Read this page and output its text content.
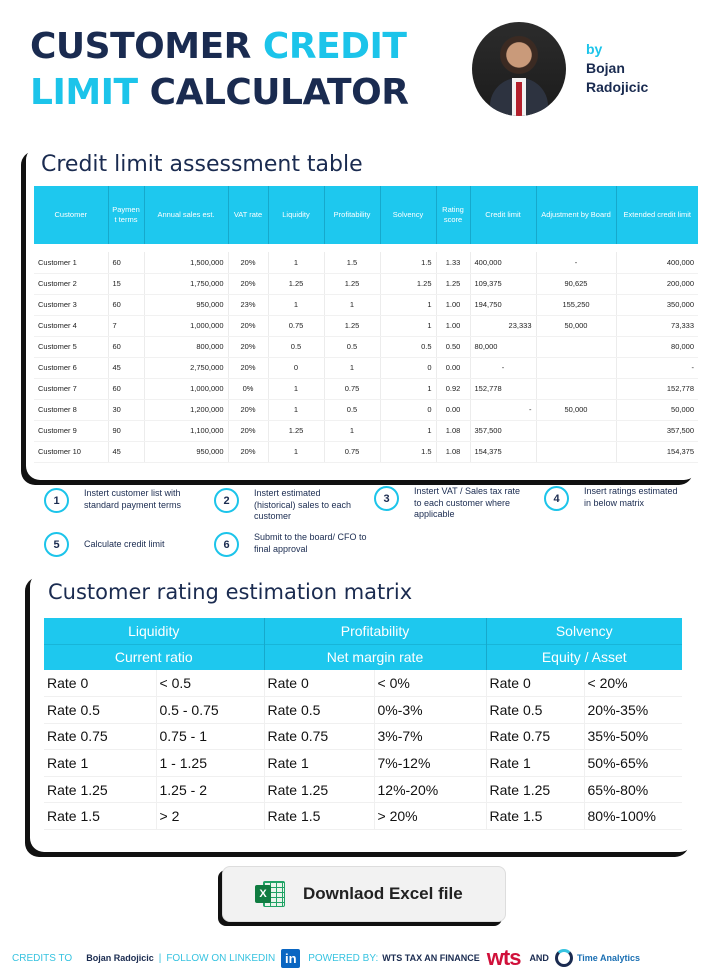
CUSTOMER CREDIT
LIMIT CALCULATOR
by
Bojan
Radojicic
Credit limit assessment table
Customer	Paymen t terms	Annual sales est.	VAT rate	Liquidity	Profitability	Solvency	Rating score	Credit limit	Adjustment by Board	Extended credit limit

Customer 1	60	1,500,000	20%	1	1.5	1.5	1.33	400,000	-	400,000
Customer 2	15	1,750,000	20%	1.25	1.25	1.25	1.25	109,375	90,625	200,000
Customer 3	60	950,000	23%	1	1	1	1.00	194,750	155,250	350,000
Customer 4	7	1,000,000	20%	0.75	1.25	1	1.00	23,333	50,000	73,333
Customer 5	60	800,000	20%	0.5	0.5	0.5	0.50	80,000		80,000
Customer 6	45	2,750,000	20%	0	1	0	0.00	-		-
Customer 7	60	1,000,000	0%	1	0.75	1	0.92	152,778		152,778
Customer 8	30	1,200,000	20%	1	0.5	0	0.00	-	50,000	50,000
Customer 9	90	1,100,000	20%	1.25	1	1	1.08	357,500		357,500
Customer 10	45	950,000	20%	1	0.75	1.5	1.08	154,375		154,375
1
Instert customer list with standard payment terms	2
Instert estimated (historical) sales to each customer
3
Instert VAT / Sales tax rate to each customer where applicable
4
Insert ratings estimated in below matrix
5	Calculate credit limit	6
Submit to the board/ CFO to final approval
Customer rating estimation matrix
Liquidity		Profitability		Solvency	
Current ratio		Net margin rate		Equity / Asset	
Rate 0	< 0.5	Rate 0	< 0%	Rate 0	< 20%
Rate 0.5	0.5 - 0.75	Rate 0.5	0%-3%	Rate 0.5	20%-35%
Rate 0.75	0.75 - 1	Rate 0.75	3%-7%	Rate 0.75	35%-50%
Rate 1	1 - 1.25	Rate 1	7%-12%	Rate 1	50%-65%
Rate 1.25	1.25 - 2	Rate 1.25	12%-20%	Rate 1.25	65%-80%
Rate 1.5	> 2	Rate 1.5	> 20%	Rate 1.5	80%-100%
X Downlaod Excel file
CREDITS TO Bojan Radojicic | FOLLOW ON LINKEDIN in	POWERED BY: WTS TAX AN FINANCE wts AND	Time Analytics
